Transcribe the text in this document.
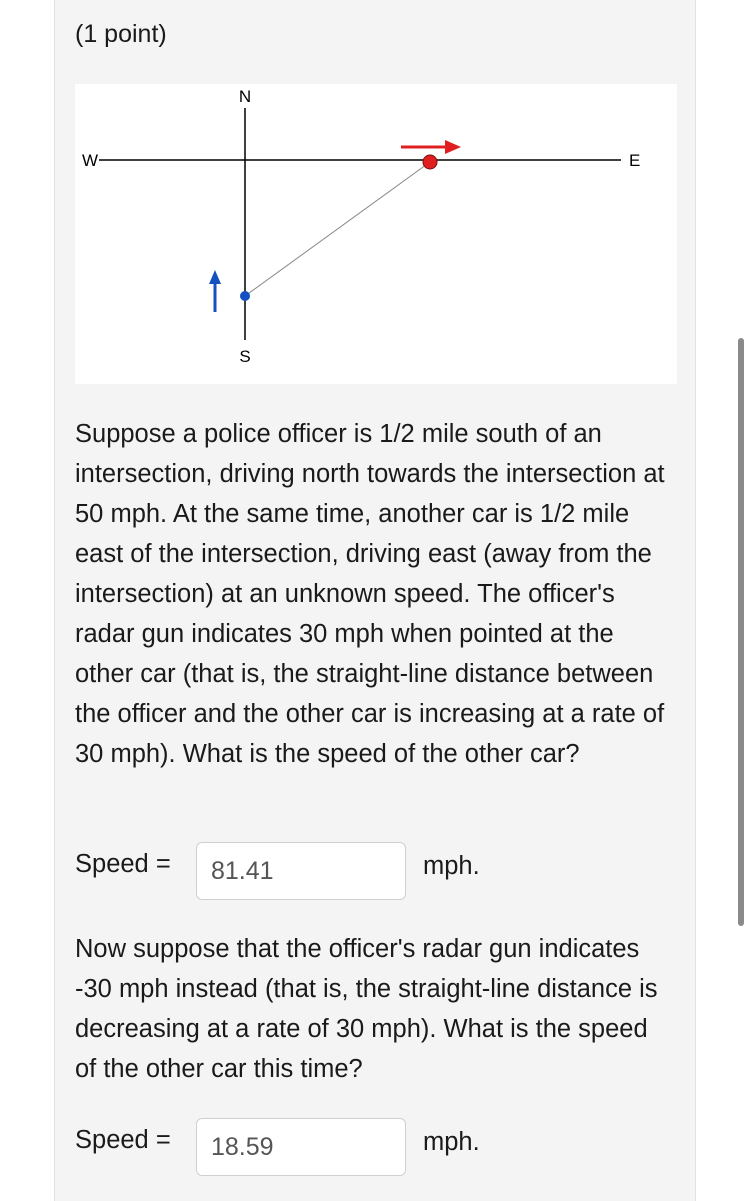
(1 point)
N
S
W	E

Suppose a police officer is 1/2 mile south of an intersection, driving north towards the intersection at 50 mph. At the same time, another car is 1/2 mile east of the intersection, driving east (away from the intersection) at an unknown speed. The officer's radar gun indicates 30 mph when pointed at the other car (that is, the straight-line distance between the officer and the other car is increasing at a rate of 30 mph). What is the speed of the other car?

Speed =
81.41	mph.

Now suppose that the officer's radar gun indicates -30 mph instead (that is, the straight-line distance is decreasing at a rate of 30 mph). What is the speed of the other car this time?

Speed =
18.59	mph.
